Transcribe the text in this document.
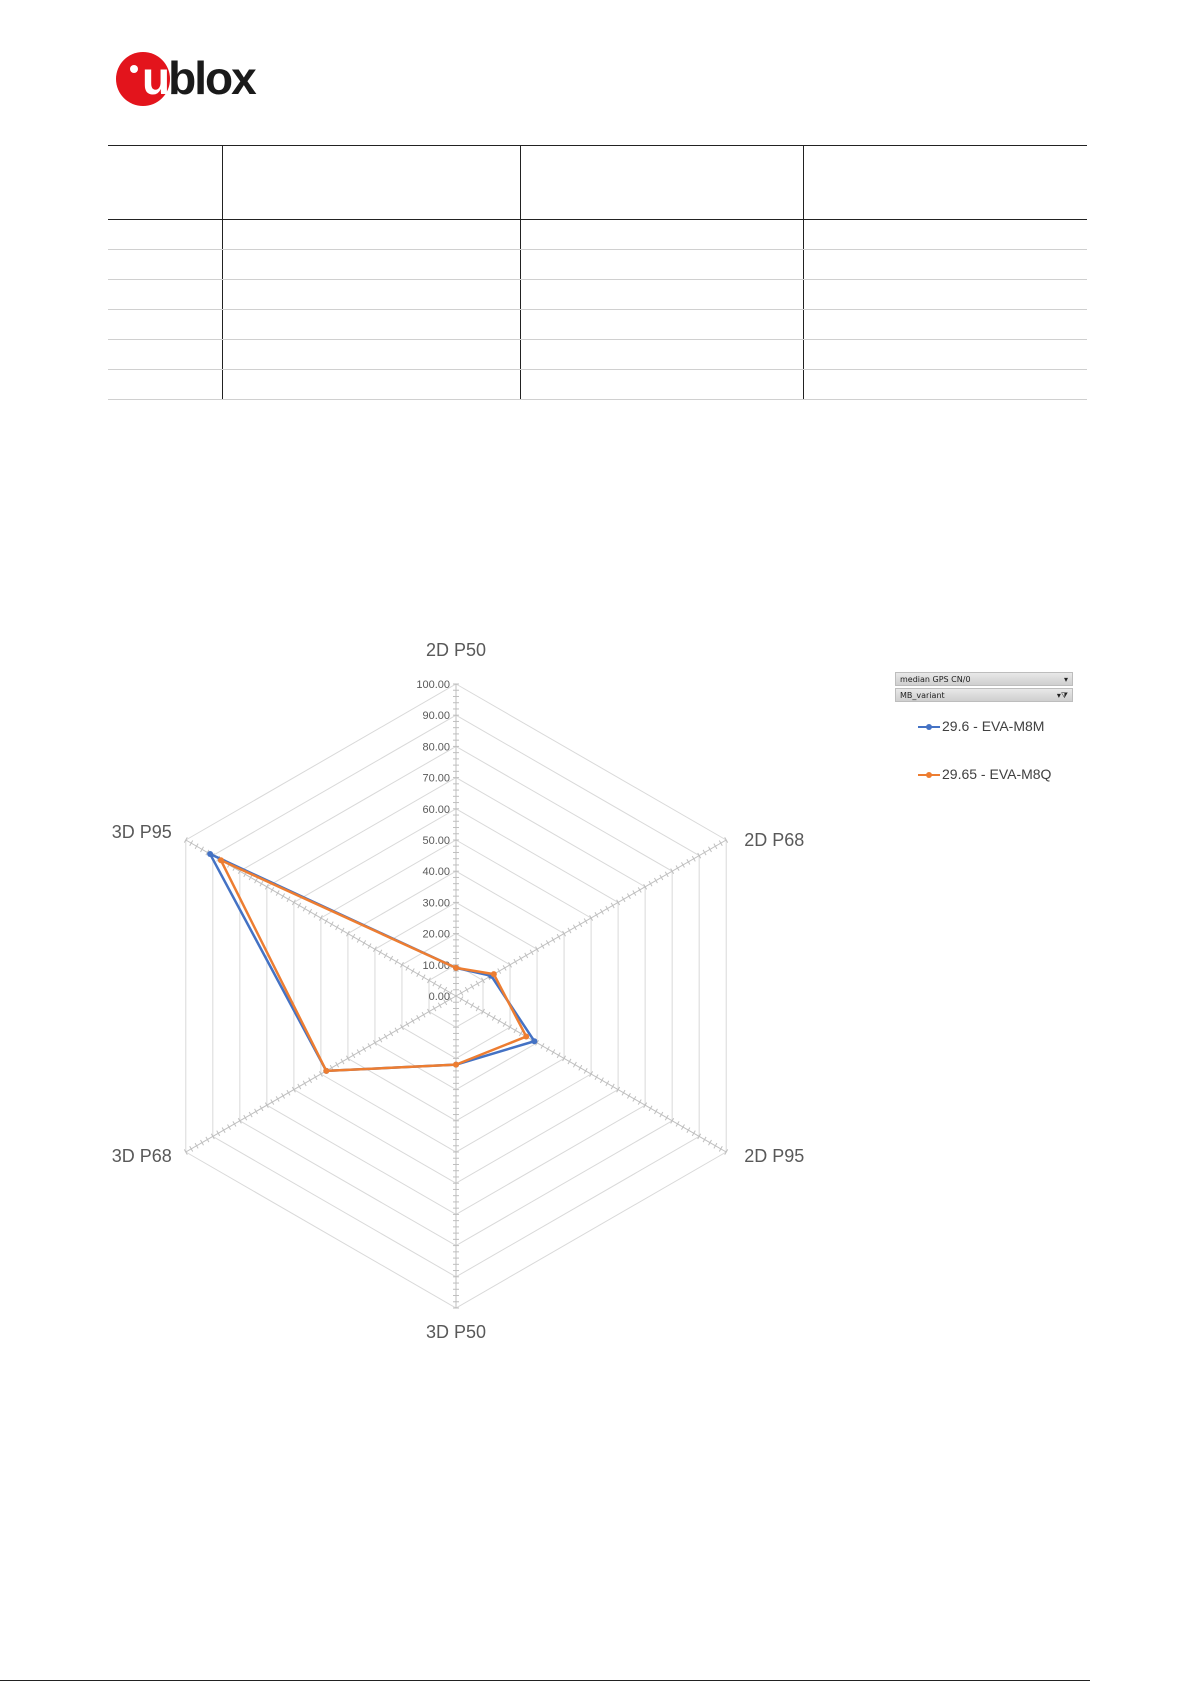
ublox
0.00
10.00
20.00
30.00
40.00
50.00
60.00
70.00
80.00
90.00
100.00
2D P50
2D P68
2D P95
3D P50
3D P68
3D P95
median GPS CN/0	▾
MB_variant	▾⧩
29.6 - EVA-M8M
29.65 - EVA-M8Q
